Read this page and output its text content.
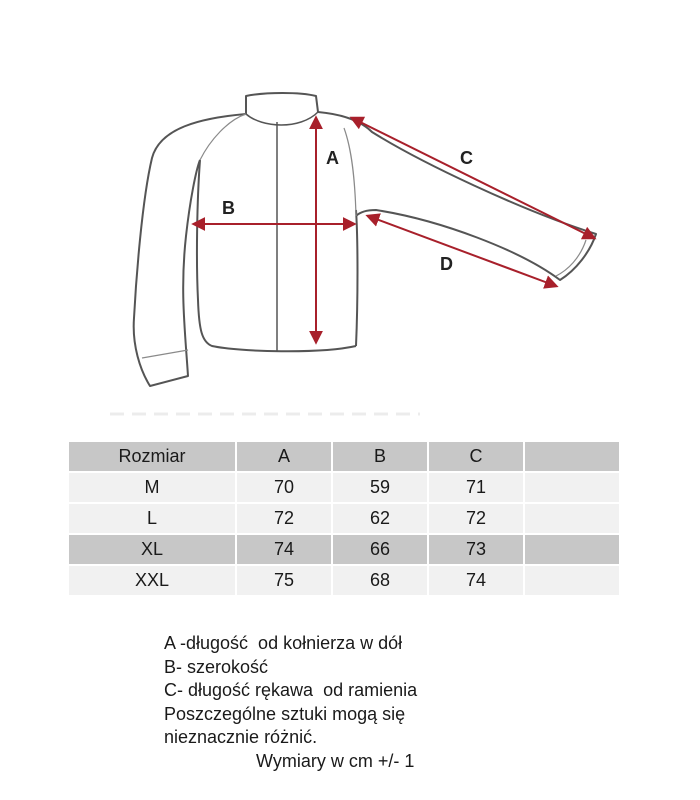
A
B
C
D
Rozmiar	A	B	C	
M	70	59	71	
L	72	62	72	
XL	74	66	73	
XXL	75	68	74	
A -długość  od kołnierza w dół
B- szerokość
C- długość rękawa  od ramienia
Poszczególne sztuki mogą się
nieznacznie różnić.
Wymiary w cm +/- 1
